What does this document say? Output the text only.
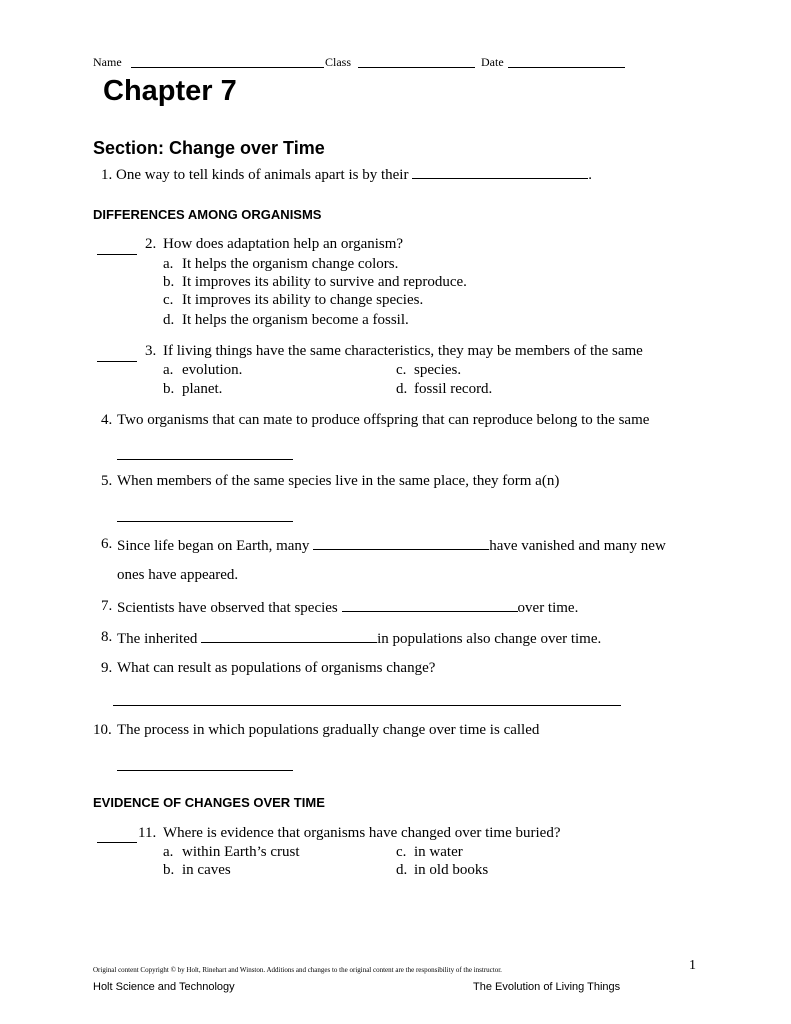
Name	Class	Date
Chapter 7
Section: Change over Time
1. One way to tell kinds of animals apart is by their	.
DIFFERENCES AMONG ORGANISMS
2. How does adaptation help an organism?
a. It helps the organism change colors.
b. It improves its ability to survive and reproduce.
c. It improves its ability to change species.
d. It helps the organism become a fossil.
3. If living things have the same characteristics, they may be members of the same
a. evolution.	c. species.
b. planet.	d. fossil record.
4. Two organisms that can mate to produce offspring that can reproduce belong to the same
5. When members of the same species live in the same place, they form a(n)
6. Since life began on Earth, many	have vanished and many new
ones have appeared.
7. Scientists have observed that species	over time.
8. The inherited	in populations also change over time.
9. What can result as populations of organisms change?
10. The process in which populations gradually change over time is called
EVIDENCE OF CHANGES OVER TIME
11. Where is evidence that organisms have changed over time buried?
a. within Earth’s crust	c. in water
b. in caves	d. in old books
Original content Copyright © by Holt, Rinehart and Winston. Additions and changes to the original content are the responsibility of the instructor.	1
Holt Science and Technology	The Evolution of Living Things
